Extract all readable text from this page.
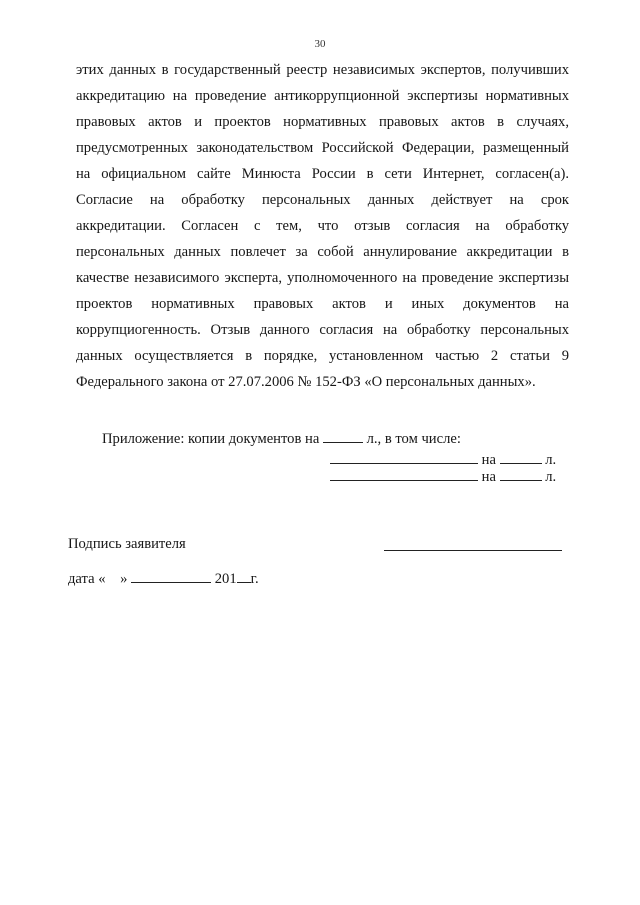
30
этих данных в государственный реестр независимых экспертов, получивших
аккредитацию на проведение антикоррупционной экспертизы нормативных
правовых актов и проектов нормативных правовых актов в случаях,
предусмотренных законодательством Российской Федерации, размещенный
на официальном сайте Минюста России в сети Интернет, согласен(а).
Согласие на обработку персональных данных действует на срок
аккредитации. Согласен с тем, что отзыв согласия на обработку
персональных данных повлечет за собой аннулирование аккредитации в
качестве независимого эксперта, уполномоченного на проведение экспертизы
проектов нормативных правовых актов и иных документов на
коррупциогенность. Отзыв данного согласия на обработку персональных
данных осуществляется в порядке, установленном частью 2 статьи 9
Федерального закона от 27.07.2006 № 152-ФЗ «О персональных данных».
Приложение: копии документов на	л., в том числе:
на	л.
на	л.
Подпись заявителя
дата « »	201 г.
